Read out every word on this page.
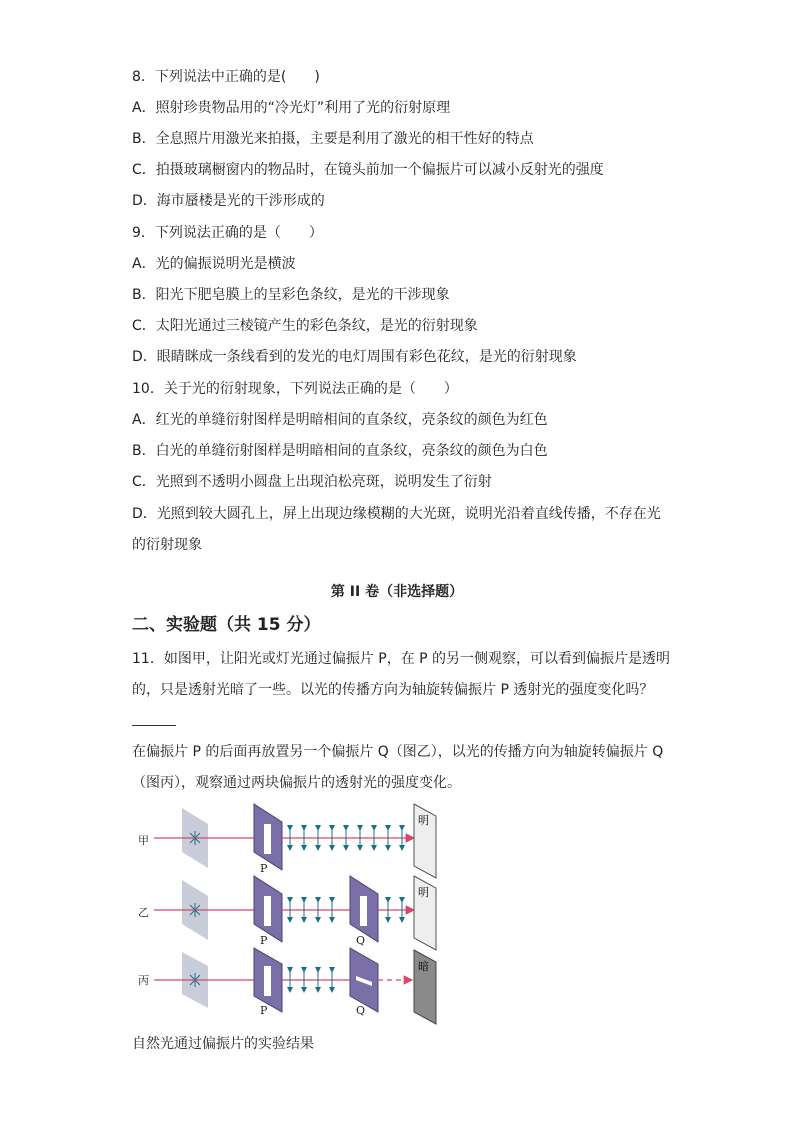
8．下列说法中正确的是(　　)
A．照射珍贵物品用的“冷光灯”利用了光的衍射原理
B．全息照片用激光来拍摄，主要是利用了激光的相干性好的特点
C．拍摄玻璃橱窗内的物品时，在镜头前加一个偏振片可以减小反射光的强度
D．海市蜃楼是光的干涉形成的
9．下列说法正确的是（　　）
A．光的偏振说明光是横波
B．阳光下肥皂膜上的呈彩色条纹，是光的干涉现象
C．太阳光通过三棱镜产生的彩色条纹，是光的衍射现象
D．眼睛眯成一条线看到的发光的电灯周围有彩色花纹，是光的衍射现象
10．关于光的衍射现象，下列说法正确的是（　　）
A．红光的单缝衍射图样是明暗相间的直条纹，亮条纹的颜色为红色
B．白光的单缝衍射图样是明暗相间的直条纹，亮条纹的颜色为白色
C．光照到不透明小圆盘上出现泊松亮斑，说明发生了衍射
D．光照到较大圆孔上，屏上出现边缘模糊的大光斑，说明光沿着直线传播，不存在光
的衍射现象
第 II 卷（非选择题）
二、实验题（共 15 分）
11．如图甲，让阳光或灯光通过偏振片 P，在 P 的另一侧观察，可以看到偏振片是透明
的，只是透射光暗了一些。以光的传播方向为轴旋转偏振片 P 透射光的强度变化吗？
在偏振片 P 的后面再放置另一个偏振片 Q（图乙），以光的传播方向为轴旋转偏振片 Q
（图丙），观察通过两块偏振片的透射光的强度变化。
甲
P
明
乙
P	Q
明
丙
P	Q
暗
自然光通过偏振片的实验结果
